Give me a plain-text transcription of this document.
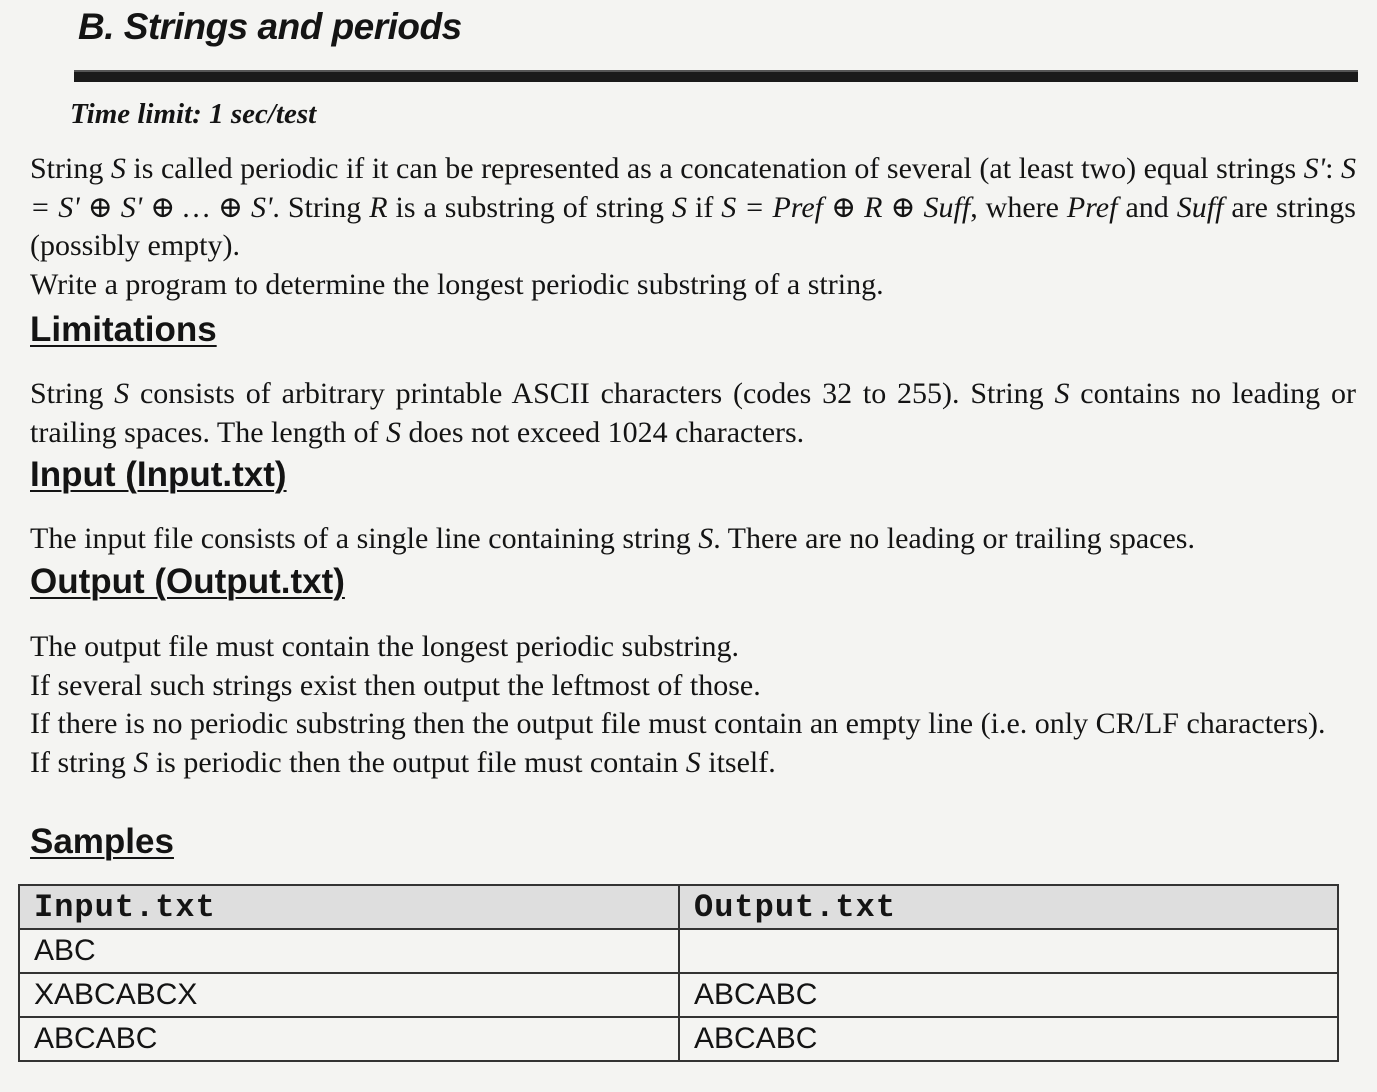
B. Strings and periods
Time limit: 1 sec/test

String S is called periodic if it can be represented as a concatenation of several (at least two) equal strings S': S = S' ⊕ S' ⊕ … ⊕ S'. String R is a substring of string S if S = Pref ⊕ R ⊕ Suff, where Pref and Suff are strings (possibly empty).

Write a program to determine the longest periodic substring of a string.

Limitations

String S consists of arbitrary printable ASCII characters (codes 32 to 255). String S contains no leading or trailing spaces. The length of S does not exceed 1024 characters.

Input (Input.txt)

The input file consists of a single line containing string S. There are no leading or trailing spaces.

Output (Output.txt)

The output file must contain the longest periodic substring.

If several such strings exist then output the leftmost of those.

If there is no periodic substring then the output file must contain an empty line (i.e. only CR/LF characters).

If string S is periodic then the output file must contain S itself.

Samples
Input.txt	Output.txt
ABC	
XABCABCX	ABCABC
ABCABC	ABCABC
